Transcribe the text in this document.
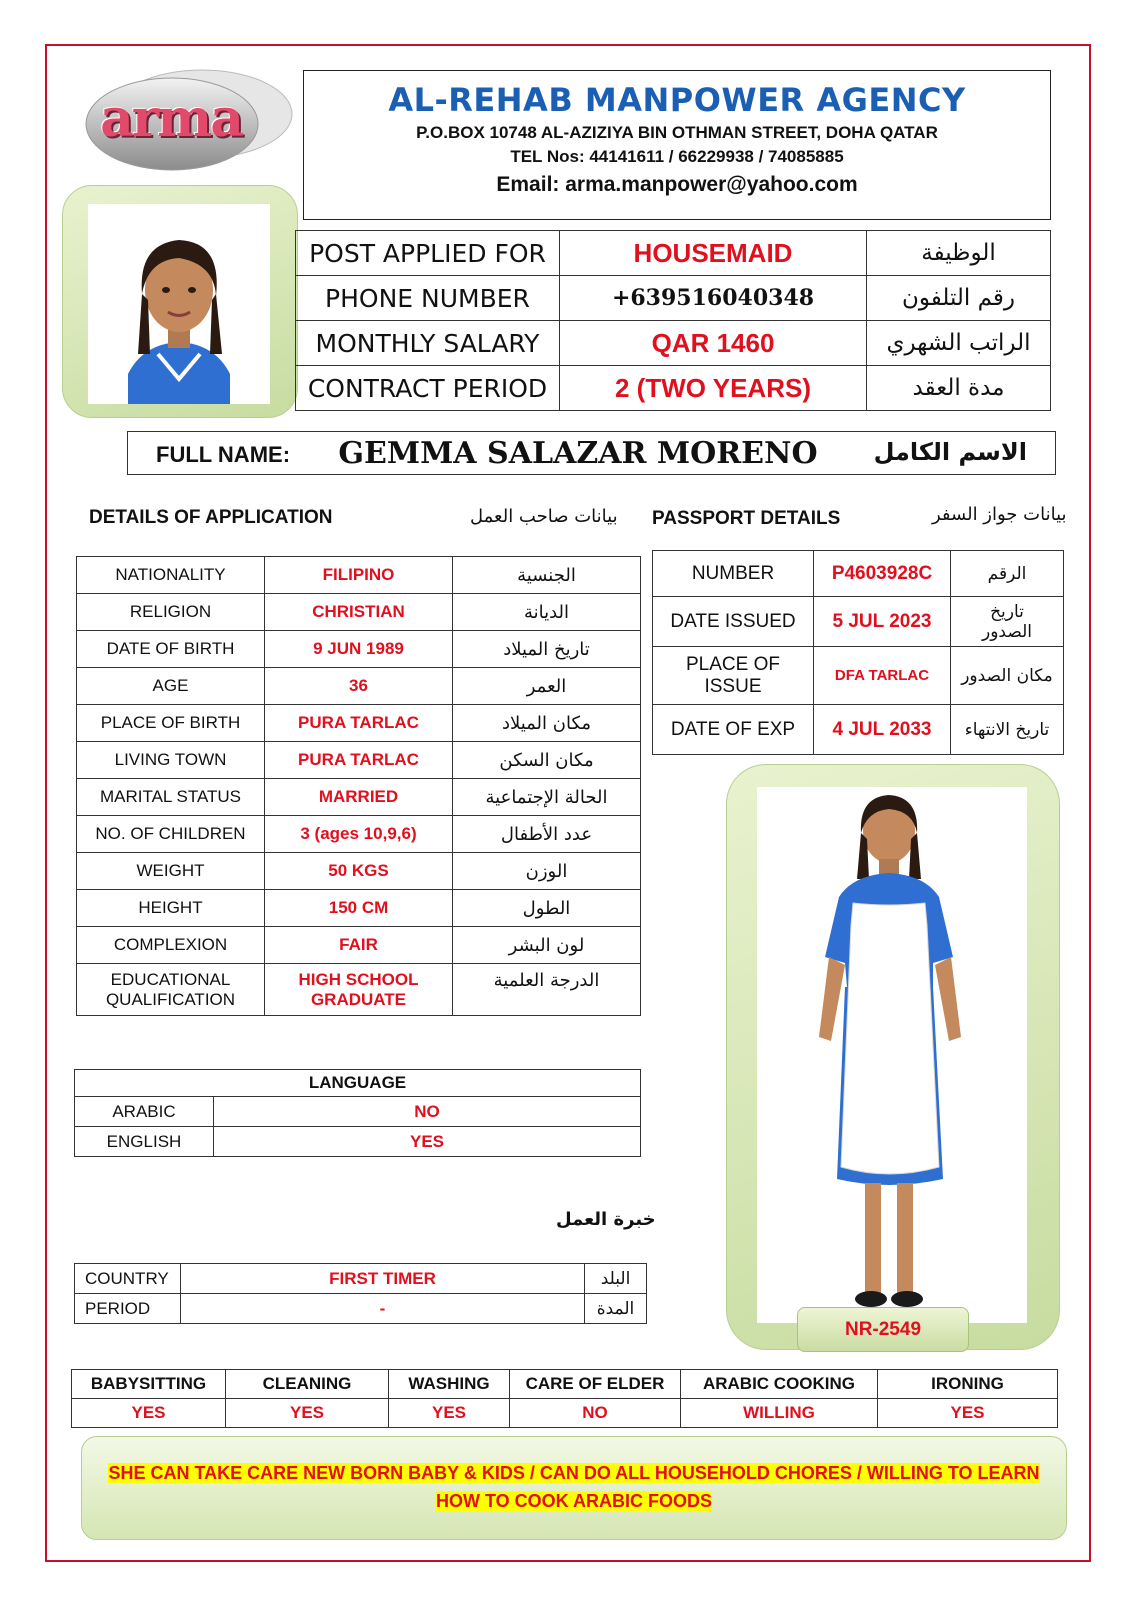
arma	AL-REHAB MANPOWER AGENCY
P.O.BOX 10748 AL-AZIZIYA BIN OTHMAN STREET, DOHA QATAR
TEL Nos: 44141611 / 66229938 / 74085885
Email: arma.manpower@yahoo.com
POST APPLIED FOR	HOUSEMAID	الوظيفة
PHONE NUMBER	+639516040348	رقم التلفون
MONTHLY SALARY	QAR 1460	الراتب الشهري
CONTRACT PERIOD	2 (TWO YEARS)	مدة العقد
FULL NAME:	GEMMA SALAZAR MORENO	الاسم الكامل
DETAILS OF APPLICATION	بيانات صاحب العمل PASSPORT DETAILS	بيانات جواز السفر
NATIONALITY	FILIPINO	الجنسية
RELIGION	CHRISTIAN	الديانة
DATE OF BIRTH	9 JUN 1989	تاريخ الميلاد
AGE	36	العمر
PLACE OF BIRTH	PURA TARLAC	مكان الميلاد
LIVING TOWN	PURA TARLAC	مكان السكن
MARITAL STATUS	MARRIED	الحالة الإجتماعية
NO. OF CHILDREN	3 (ages 10,9,6)	عدد الأطفال
WEIGHT	50 KGS	الوزن
HEIGHT	150 CM	الطول
COMPLEXION	FAIR	لون البشر
EDUCATIONAL QUALIFICATION	HIGH SCHOOL GRADUATE	الدرجة العلمية
NUMBER	P4603928C	الرقم
DATE ISSUED	5 JUL 2023	تاريخ الصدور
PLACE OF ISSUE	DFA TARLAC	مكان الصدور
DATE OF EXP	4 JUL 2033	تاريخ الانتهاء
NR-2549
LANGUAGE	
ARABIC	NO
ENGLISH	YES
خبرة العمل
COUNTRY	FIRST TIMER	البلد
PERIOD	-	المدة
BABYSITTING	CLEANING	WASHING	CARE OF ELDER	ARABIC COOKING	IRONING
YES	YES	YES	NO	WILLING	YES
SHE CAN TAKE CARE NEW BORN BABY & KIDS / CAN DO ALL HOUSEHOLD CHORES / WILLING TO LEARN
HOW TO COOK ARABIC FOODS
